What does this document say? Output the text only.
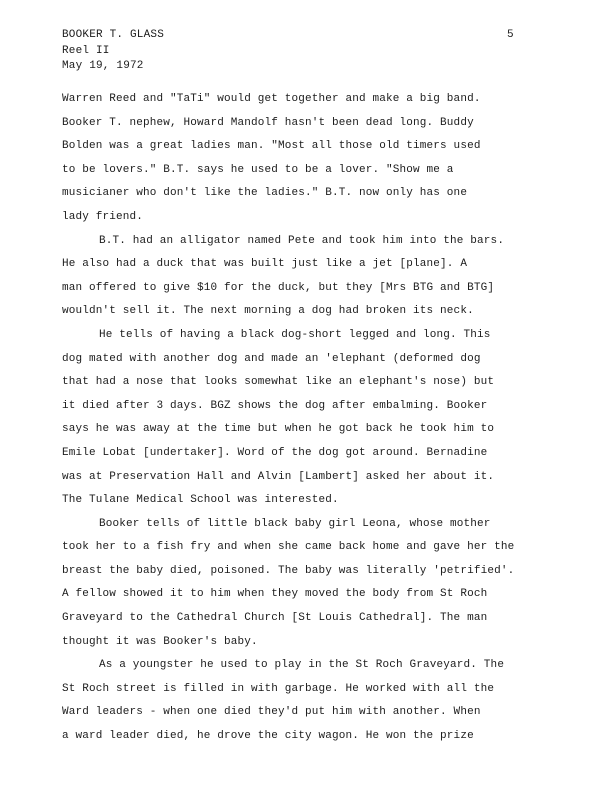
BOOKER T. GLASS
Reel II
May 19, 1972
5
Warren Reed and "TaTi" would get together and make a big band.
Booker T. nephew, Howard Mandolf hasn't been dead long. Buddy
Bolden was a great ladies man. "Most all those old timers used
to be lovers." B.T. says he used to be a lover. "Show me a
musicianer who don't like the ladies." B.T. now only has one
lady friend.
B.T. had an alligator named Pete and took him into the bars.
He also had a duck that was built just like a jet [plane]. A
man offered to give $10 for the duck, but they [Mrs BTG and BTG]
wouldn't sell it. The next morning a dog had broken its neck.
He tells of having a black dog-short legged and long. This
dog mated with another dog and made an 'elephant (deformed dog
that had a nose that looks somewhat like an elephant's nose) but
it died after 3 days. BGZ shows the dog after embalming. Booker
says he was away at the time but when he got back he took him to
Emile Lobat [undertaker]. Word of the dog got around. Bernadine
was at Preservation Hall and Alvin [Lambert] asked her about it.
The Tulane Medical School was interested.
Booker tells of little black baby girl Leona, whose mother
took her to a fish fry and when she came back home and gave her the
breast the baby died, poisoned. The baby was literally 'petrified'.
A fellow showed it to him when they moved the body from St Roch
Graveyard to the Cathedral Church [St Louis Cathedral]. The man
thought it was Booker's baby.
As a youngster he used to play in the St Roch Graveyard. The
St Roch street is filled in with garbage. He worked with all the
Ward leaders - when one died they'd put him with another. When
a ward leader died, he drove the city wagon. He won the prize
